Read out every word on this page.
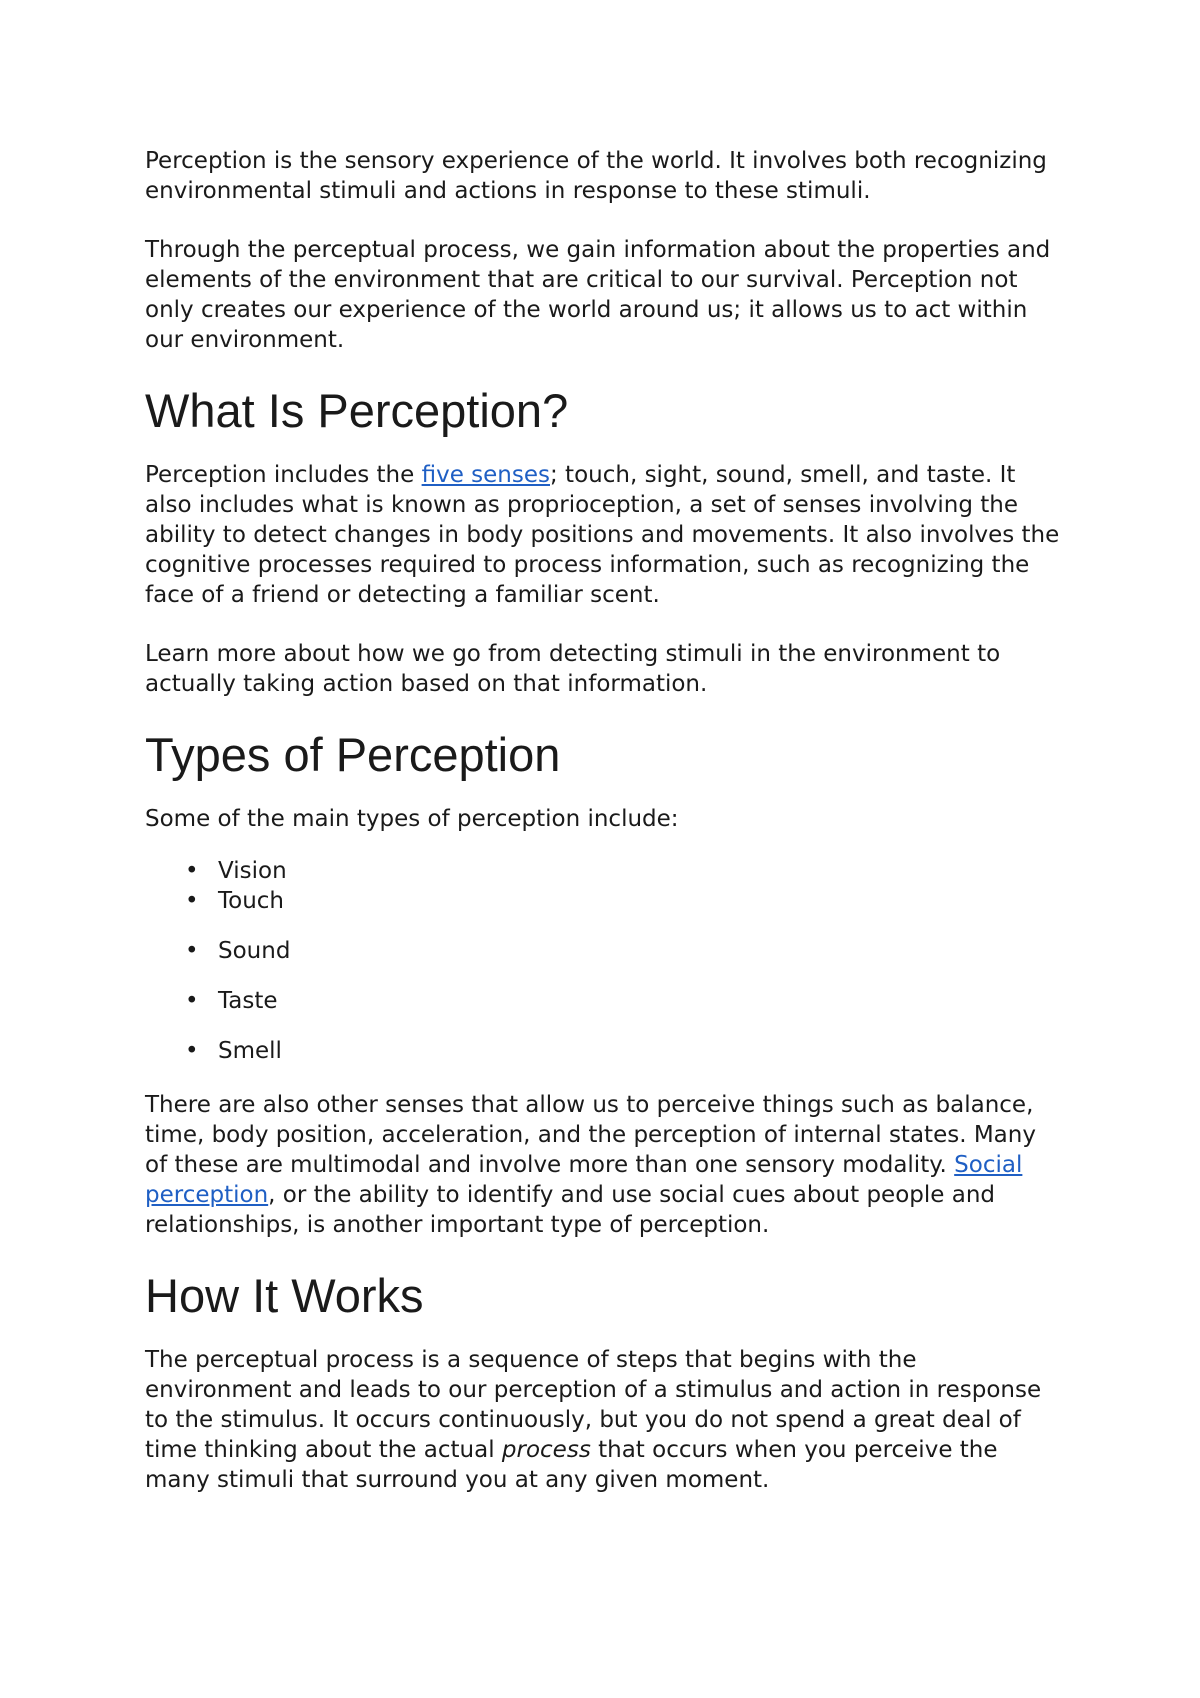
Perception is the sensory experience of the world. It involves both recognizing environmental stimuli and actions in response to these stimuli.

Through the perceptual process, we gain information about the properties and elements of the environment that are critical to our survival. Perception not only creates our experience of the world around us; it allows us to act within our environment.

What Is Perception?

Perception includes the five senses; touch, sight, sound, smell, and taste. It also includes what is known as proprioception, a set of senses involving the ability to detect changes in body positions and movements. It also involves the cognitive processes required to process information, such as recognizing the face of a friend or detecting a familiar scent.

Learn more about how we go from detecting stimuli in the environment to actually taking action based on that information.

Types of Perception

Some of the main types of perception include:

• Vision
• Touch
• Sound
• Taste
• Smell

There are also other senses that allow us to perceive things such as balance, time, body position, acceleration, and the perception of internal states. Many of these are multimodal and involve more than one sensory modality. Social perception, or the ability to identify and use social cues about people and relationships, is another important type of perception.

How It Works

The perceptual process is a sequence of steps that begins with the environment and leads to our perception of a stimulus and action in response to the stimulus. It occurs continuously, but you do not spend a great deal of time thinking about the actual process that occurs when you perceive the many stimuli that surround you at any given moment.
